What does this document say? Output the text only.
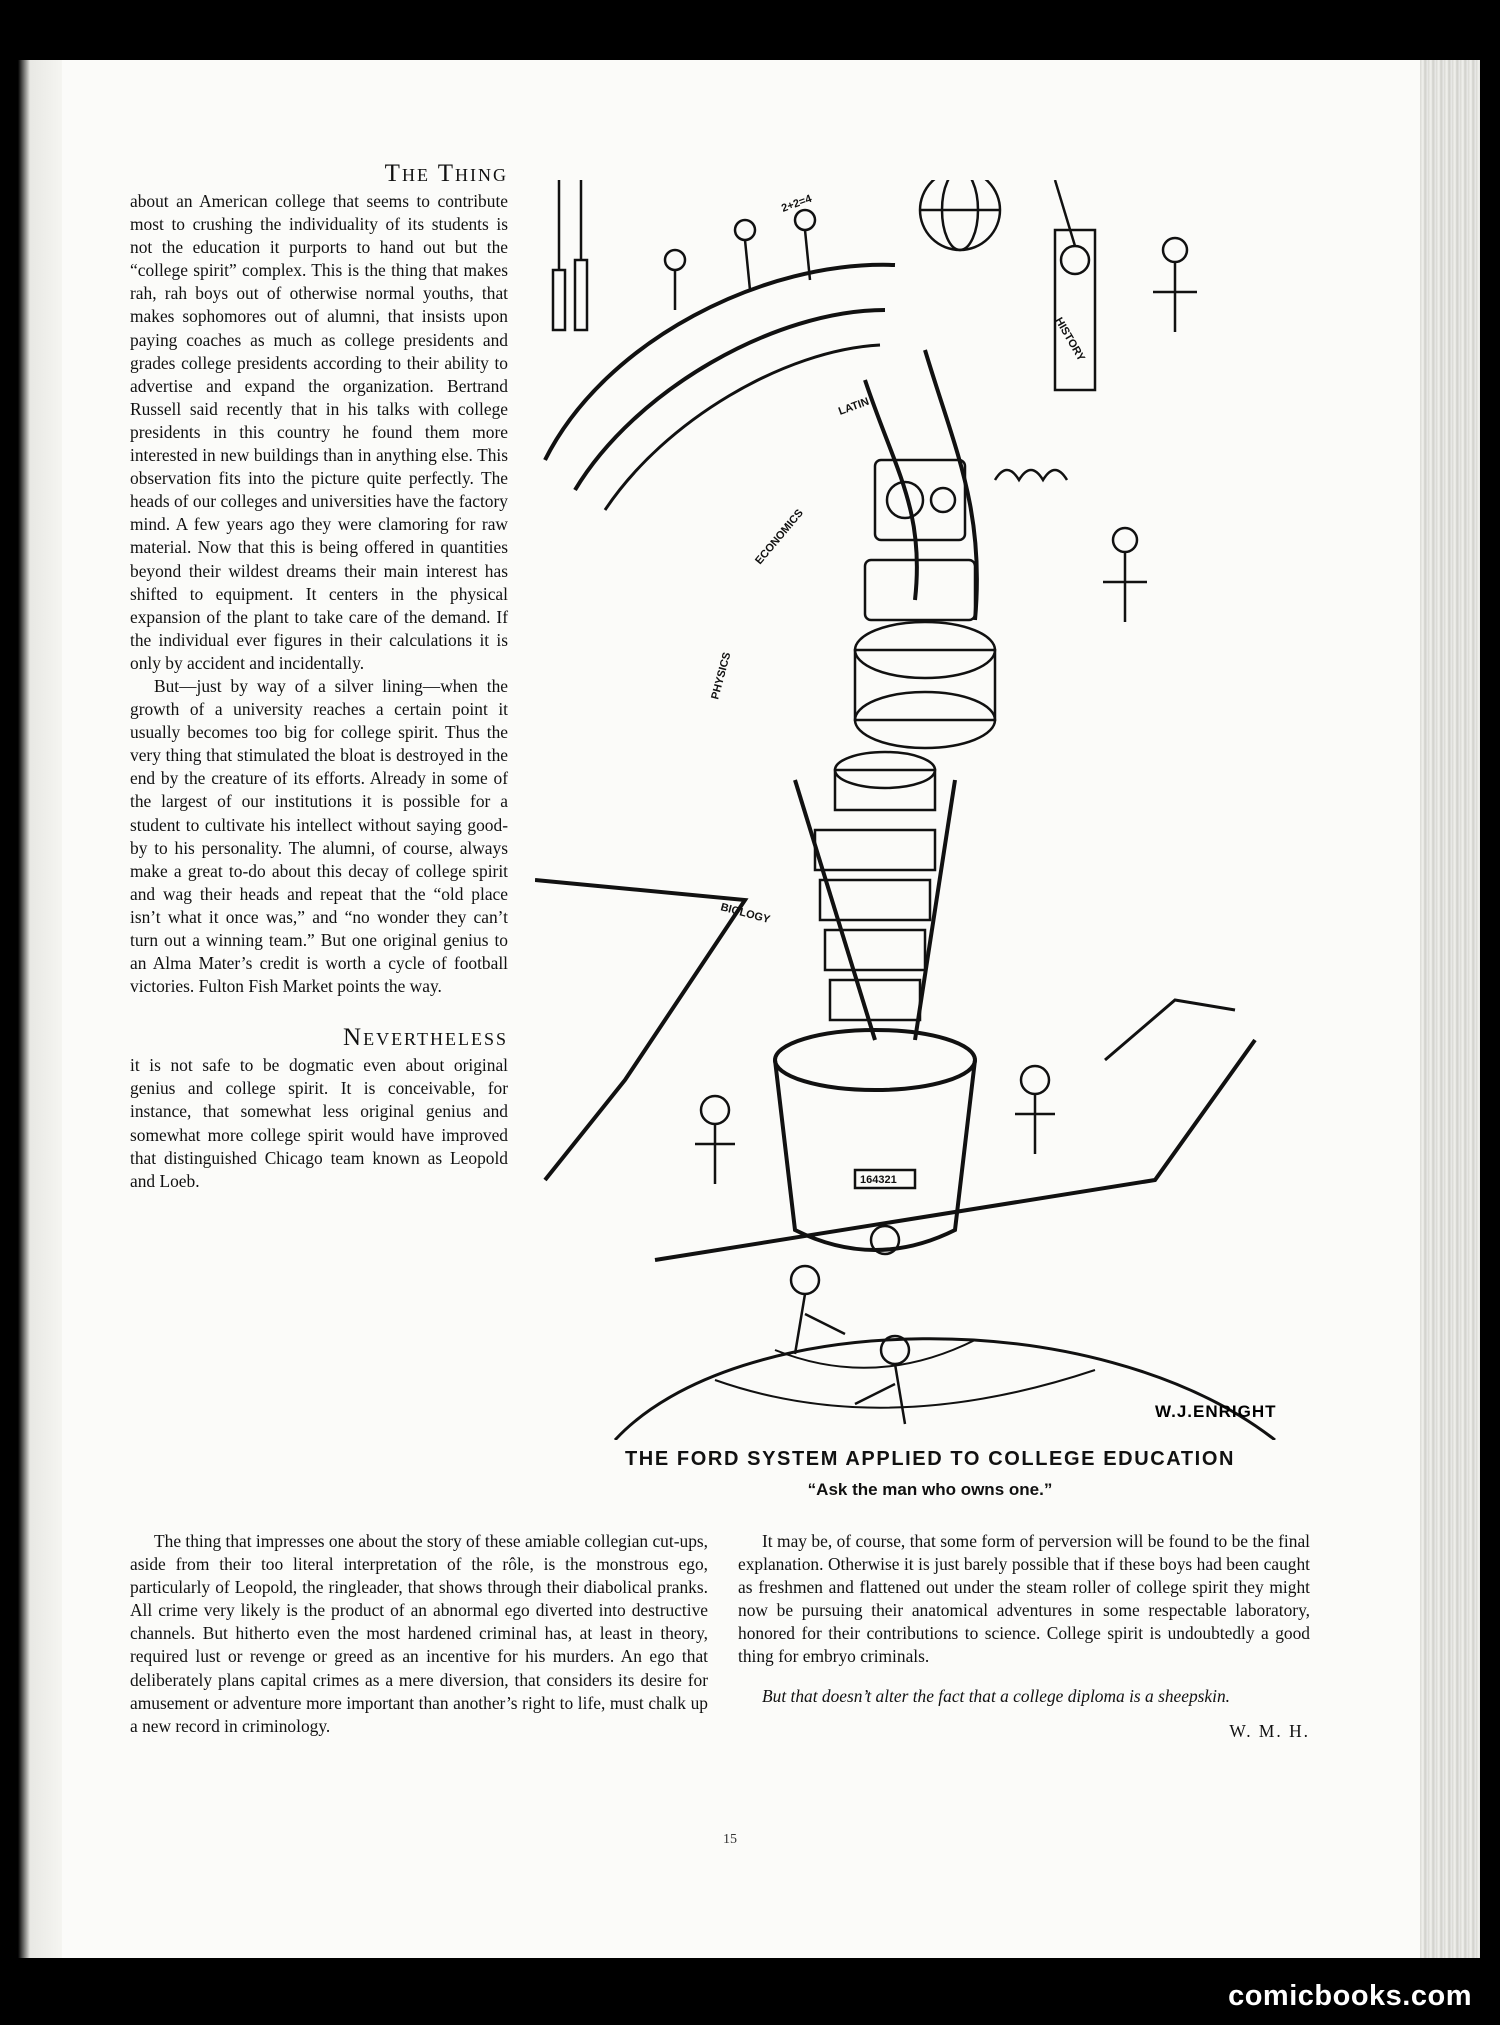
The Thing

about an American college that seems to contribute most to crushing the individuality of its students is not the education it purports to hand out but the “college spirit” complex. This is the thing that makes rah, rah boys out of otherwise normal youths, that makes sophomores out of alumni, that insists upon paying coaches as much as college presidents and grades college presidents according to their ability to advertise and expand the organization. Bertrand Russell said recently that in his talks with college presidents in this country he found them more interested in new buildings than in anything else. This observation fits into the picture quite perfectly. The heads of our colleges and universities have the factory mind. A few years ago they were clamoring for raw material. Now that this is being offered in quantities beyond their wildest dreams their main interest has shifted to equipment. It centers in the physical expansion of the plant to take care of the demand. If the individual ever figures in their calculations it is only by accident and incidentally.

But—just by way of a silver lining—when the growth of a university reaches a certain point it usually becomes too big for college spirit. Thus the very thing that stimulated the bloat is destroyed in the end by the creature of its efforts. Already in some of the largest of our institutions it is possible for a student to cultivate his intellect without saying good-by to his personality. The alumni, of course, always make a great to-do about this decay of college spirit and wag their heads and repeat that the “old place isn’t what it once was,” and “no wonder they can’t turn out a winning team.” But one original genius to an Alma Mater’s credit is worth a cycle of football victories. Fulton Fish Market points the way.

Nevertheless

it is not safe to be dogmatic even about original genius and college spirit. It is conceivable, for instance, that somewhat less original genius and somewhat more college spirit would have improved that distinguished Chicago team known as Leopold and Loeb.

HISTORY
LATIN
ECONOMICS
PHYSICS
BIOLOGY
2+2=4
164321
W.J.ENRIGHT
THE FORD SYSTEM APPLIED TO COLLEGE EDUCATION
“Ask the man who owns one.”

The thing that impresses one about the story of these amiable collegian cut-ups, aside from their too literal interpretation of the rôle, is the monstrous ego, particularly of Leopold, the ringleader, that shows through their diabolical pranks. All crime very likely is the product of an abnormal ego diverted into destructive channels. But hitherto even the most hardened criminal has, at least in theory, required lust or revenge or greed as an incentive for his murders. An ego that deliberately plans capital crimes as a mere diversion, that considers its desire for amusement or adventure more important than another’s right to life, must chalk up a new record in criminology.

It may be, of course, that some form of perversion will be found to be the final explanation. Otherwise it is just barely possible that if these boys had been caught as freshmen and flattened out under the steam roller of college spirit they might now be pursuing their anatomical adventures in some respectable laboratory, honored for their contributions to science. College spirit is undoubtedly a good thing for embryo criminals.

But that doesn’t alter the fact that a college diploma is a sheepskin.

W. M. H.
15
comicbooks.com
